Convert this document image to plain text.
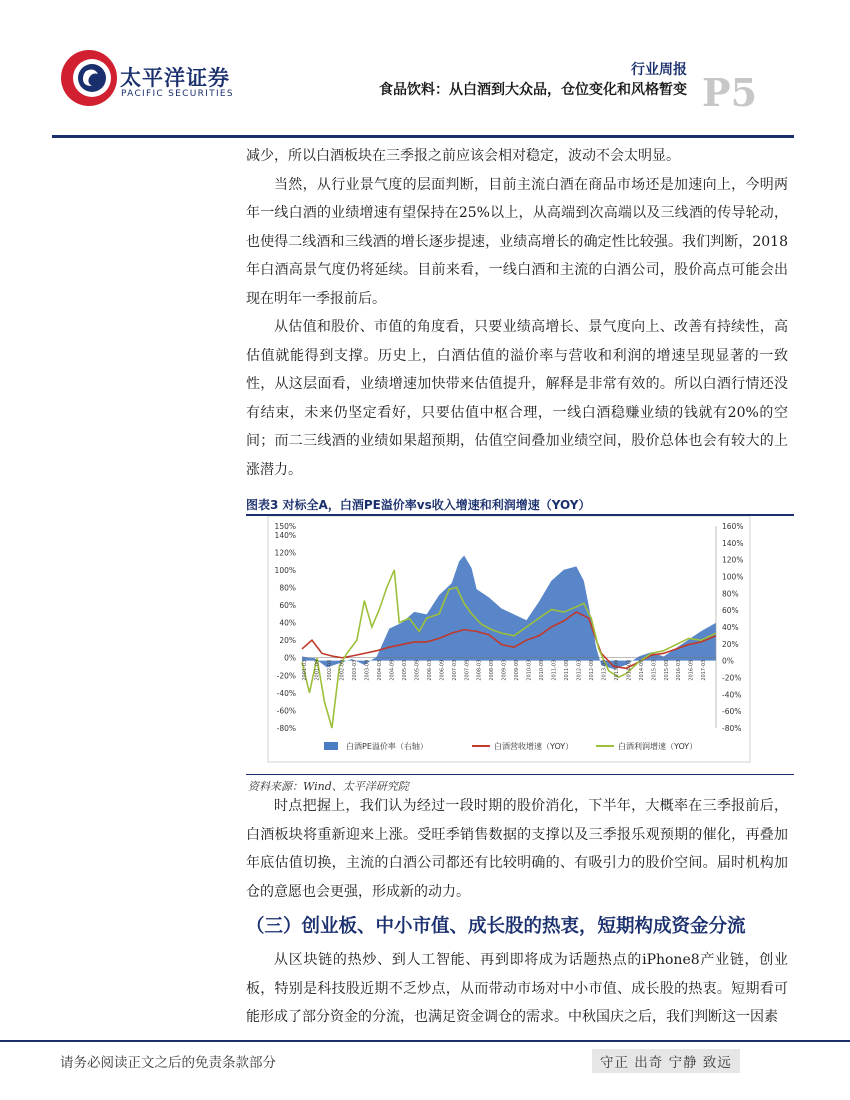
太平洋证券
PACIFIC SECURITIES
行业周报
食品饮料：从白酒到大众品，仓位变化和风格暂变 P5

减少，所以白酒板块在三季报之前应该会相对稳定，波动不会太明显。

当然，从行业景气度的层面判断，目前主流白酒在商品市场还是加速向上，今明两年一线白酒的业绩增速有望保持在25%以上，从高端到次高端以及三线酒的传导轮动，也使得二线酒和三线酒的增长逐步提速，业绩高增长的确定性比较强。我们判断，2018年白酒高景气度仍将延续。目前来看，一线白酒和主流的白酒公司，股价高点可能会出现在明年一季报前后。

从估值和股价、市值的角度看，只要业绩高增长、景气度向上、改善有持续性，高估值就能得到支撑。历史上，白酒估值的溢价率与营收和利润的增速呈现显著的一致性，从这层面看，业绩增速加快带来估值提升，解释是非常有效的。所以白酒行情还没有结束，未来仍坚定看好，只要估值中枢合理，一线白酒稳赚业绩的钱就有20%的空间；而二三线酒的业绩如果超预期，估值空间叠加业绩空间，股价总体也会有较大的上涨潜力。

图表3 对标全A，白酒PE溢价率vs收入增速和利润增速（YOY）
150%
140%
120%
100%
80%
60%
40%
20%
0%
-20%
-40%
-60%
-80%
160%
140%
120%
100%
80%
60%
40%
20%
0%
-20%
-40%
-60%
-80%
2001-03 2001-09 2002-03 2002-09 2003-03 2003-09 2004-03 2004-09 2005-03 2005-09 2006-03 2006-09 2007-03 2007-09 2008-03 2008-09 2009-03 2009-09 2010-03 2010-09 2011-03 2011-09 2012-03 2012-09 2013-03 2013-09 2014-03 2014-09 2015-03 2015-09 2016-03 2016-09 2017-03
白酒PE溢价率（右轴）	白酒营收增速（YOY）	白酒利润增速（YOY）
资料来源：Wind、太平洋研究院

时点把握上，我们认为经过一段时期的股价消化，下半年，大概率在三季报前后，白酒板块将重新迎来上涨。受旺季销售数据的支撑以及三季报乐观预期的催化，再叠加年底估值切换，主流的白酒公司都还有比较明确的、有吸引力的股价空间。届时机构加仓的意愿也会更强，形成新的动力。

（三）创业板、中小市值、成长股的热衷，短期构成资金分流

从区块链的热炒、到人工智能、再到即将成为话题热点的iPhone8产业链，创业板，特别是科技股近期不乏炒点，从而带动市场对中小市值、成长股的热衷。短期看可能形成了部分资金的分流，也满足资金调仓的需求。中秋国庆之后，我们判断这一因素

请务必阅读正文之后的免责条款部分	守正 出奇 宁静 致远
